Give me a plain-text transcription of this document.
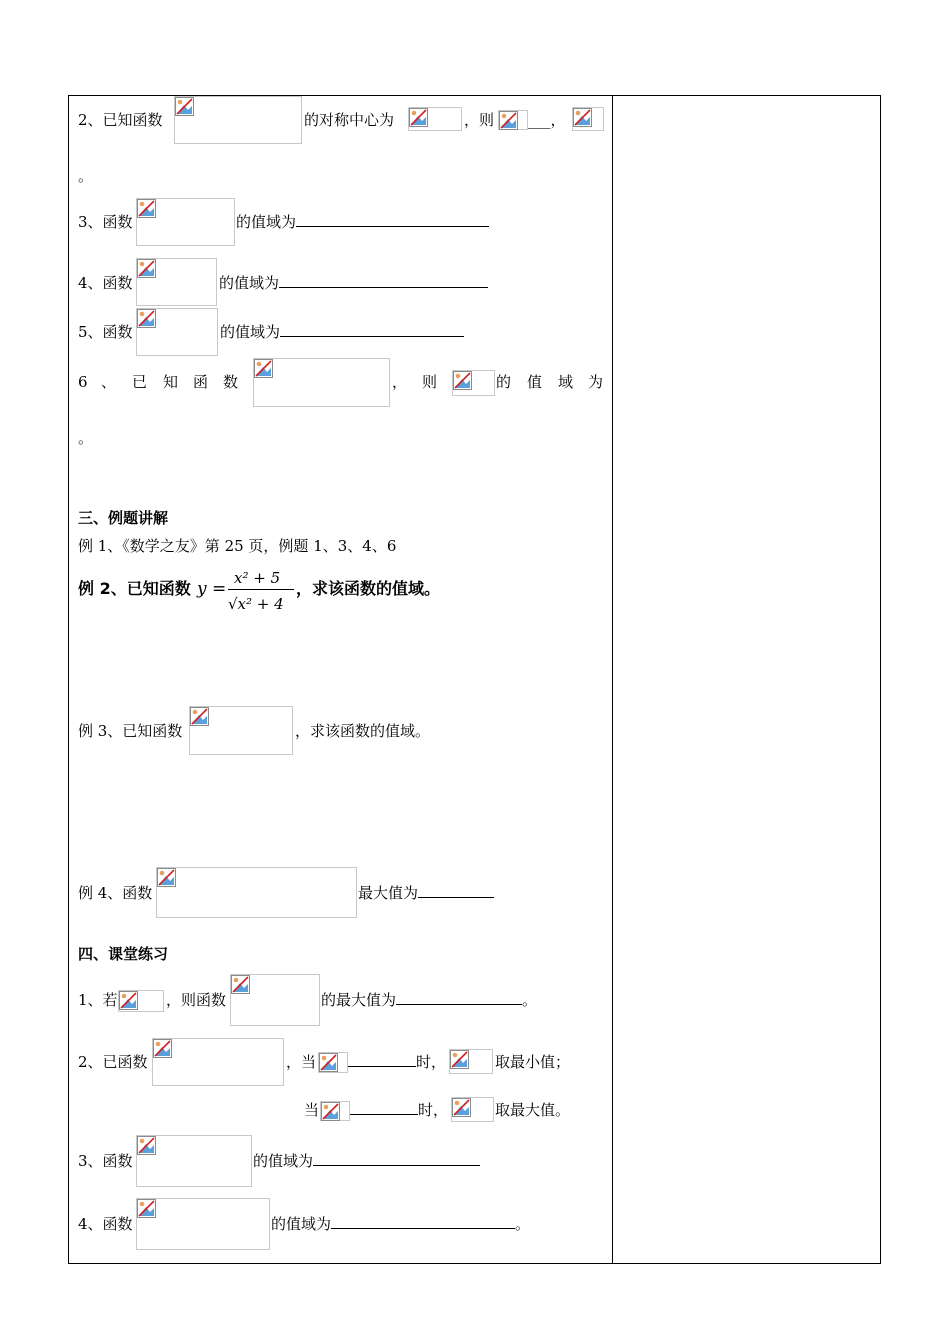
2、已知函数	的对称中心为	，则 ___，
。
3、函数	的值域为
4、函数	的值域为
5、函数	的值域为
6 、 已 知 函 数	， 则	的 值 域 为
。
三、例题讲解
例 1、《数学之友》第 25 页，例题 1、3、4、6
例 2、已知函数 y =
x² + 5
√x² + 4
，求该函数的值域。
例 3、已知函数	，求该函数的值域。
例 4、函数	最大值为
四、课堂练习
1、若	，则函数	的最大值为	。
2、已函数	，当	时，	取最小值；
当	时，	取最大值。
3、函数	的值域为
4、函数	的值域为	。
